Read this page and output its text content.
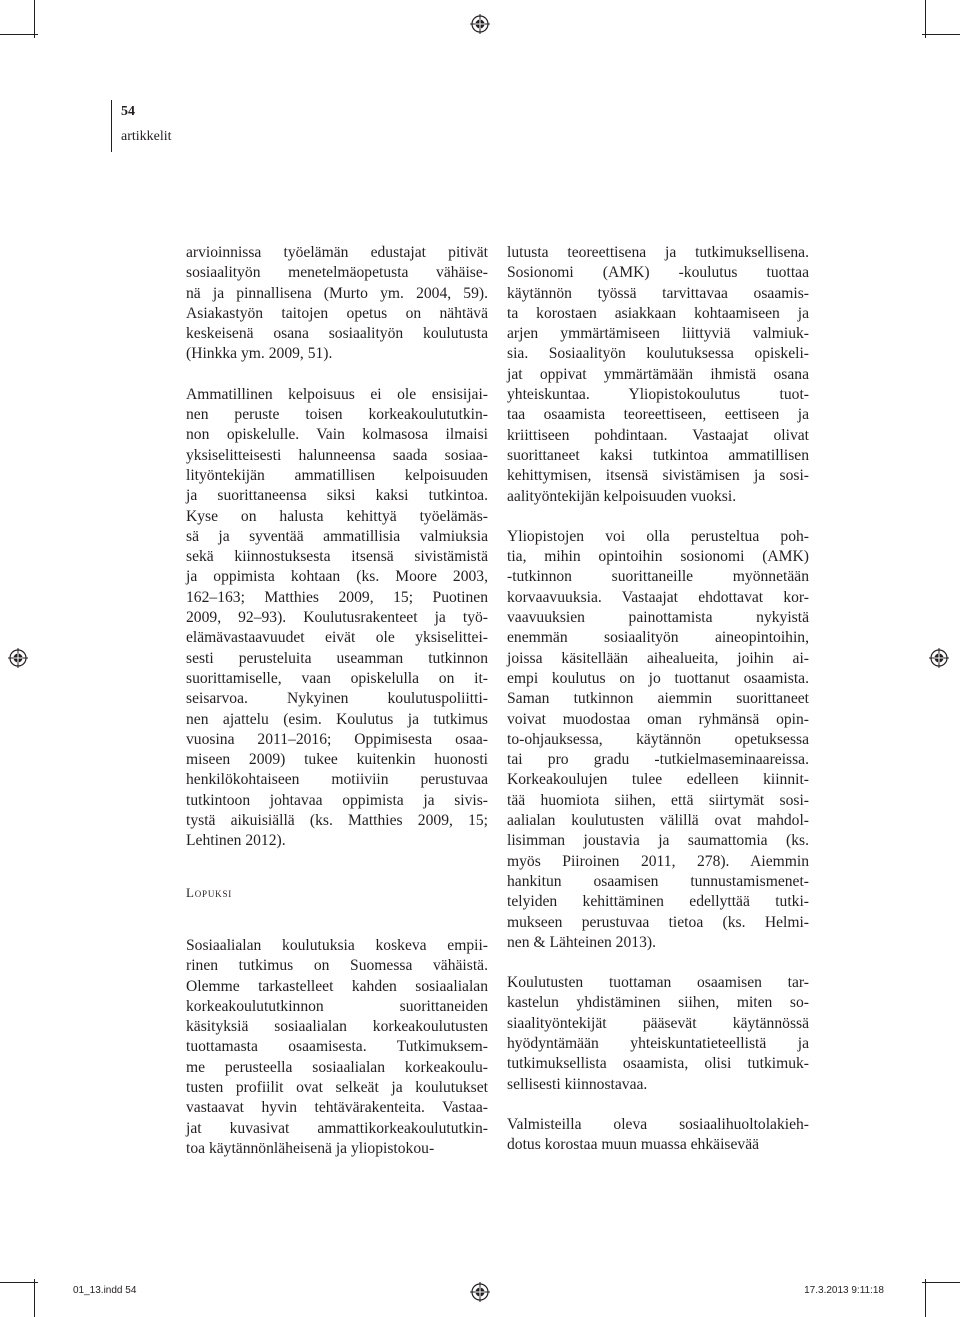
54
artikkelit

arvioinnissa työelämän edustajat pitivät
sosiaalityön menetelmäopetusta vähäise-
nä ja pinnallisena (Murto ym. 2004, 59).
Asiakastyön taitojen opetus on nähtävä
keskeisenä osana sosiaalityön koulutusta
(Hinkka ym. 2009, 51).

Ammatillinen kelpoisuus ei ole ensisijai-
nen peruste toisen korkeakoulututkin-
non opiskelulle. Vain kolmasosa ilmaisi
yksiselitteisesti halunneensa saada sosiaa-
lityöntekijän ammatillisen kelpoisuuden
ja suorittaneensa siksi kaksi tutkintoa.
Kyse on halusta kehittyä työelämäs-
sä ja syventää ammatillisia valmiuksia
sekä kiinnostuksesta itsensä sivistämistä
ja oppimista kohtaan (ks. Moore 2003,
162–163; Matthies 2009, 15; Puotinen
2009, 92–93). Koulutusrakenteet ja työ-
elämävastaavuudet eivät ole yksiselittei-
sesti perusteluita useamman tutkinnon
suorittamiselle, vaan opiskelulla on it-
seisarvoa. Nykyinen koulutuspoliitti-
nen ajattelu (esim. Koulutus ja tutkimus
vuosina 2011–2016; Oppimisesta osaa-
miseen 2009) tukee kuitenkin huonosti
henkilökohtaiseen motiiviin perustuvaa
tutkintoon johtavaa oppimista ja sivis-
tystä aikuisiällä (ks. Matthies 2009, 15;
Lehtinen 2012).

Lopuksi

Sosiaalialan koulutuksia koskeva empii-
rinen tutkimus on Suomessa vähäistä.
Olemme tarkastelleet kahden sosiaalialan
korkeakoulututkinnon suorittaneiden
käsityksiä sosiaalialan korkeakoulutusten
tuottamasta osaamisesta. Tutkimuksem-
me perusteella sosiaalialan korkeakoulu-
tusten profiilit ovat selkeät ja koulutukset
vastaavat hyvin tehtävärakenteita. Vastaa-
jat kuvasivat ammattikorkeakoulututkin-
toa käytännönläheisenä ja yliopistokou-

lutusta teoreettisena ja tutkimuksellisena.
Sosionomi (AMK) -koulutus tuottaa
käytännön työssä tarvittavaa osaamis-
ta korostaen asiakkaan kohtaamiseen ja
arjen ymmärtämiseen liittyviä valmiuk-
sia. Sosiaalityön koulutuksessa opiskeli-
jat oppivat ymmärtämään ihmistä osana
yhteiskuntaa. Yliopistokoulutus tuot-
taa osaamista teoreettiseen, eettiseen ja
kriittiseen pohdintaan. Vastaajat olivat
suorittaneet kaksi tutkintoa ammatillisen
kehittymisen, itsensä sivistämisen ja sosi-
aalityöntekijän kelpoisuuden vuoksi.

Yliopistojen voi olla perusteltua poh-
tia, mihin opintoihin sosionomi (AMK)
-tutkinnon suorittaneille myönnetään
korvaavuuksia. Vastaajat ehdottavat kor-
vaavuuksien painottamista nykyistä
enemmän sosiaalityön aineopintoihin,
joissa käsitellään aihealueita, joihin ai-
empi koulutus on jo tuottanut osaamista.
Saman tutkinnon aiemmin suorittaneet
voivat muodostaa oman ryhmänsä opin-
to-ohjauksessa, käytännön opetuksessa
tai pro gradu -tutkielmaseminaareissa.
Korkeakoulujen tulee edelleen kiinnit-
tää huomiota siihen, että siirtymät sosi-
aalialan koulutusten välillä ovat mahdol-
lisimman joustavia ja saumattomia (ks.
myös Piiroinen 2011, 278). Aiemmin
hankitun osaamisen tunnustamismenet-
telyiden kehittäminen edellyttää tutki-
mukseen perustuvaa tietoa (ks. Helmi-
nen & Lähteinen 2013).

Koulutusten tuottaman osaamisen tar-
kastelun yhdistäminen siihen, miten so-
siaalityöntekijät pääsevät käytännössä
hyödyntämään yhteiskuntatieteellistä ja
tutkimuksellista osaamista, olisi tutkimuk-
sellisesti kiinnostavaa.

Valmisteilla oleva sosiaalihuoltolakieh-
dotus korostaa muun muassa ehkäisevää

01_13.indd 54	17.3.2013 9:11:18
